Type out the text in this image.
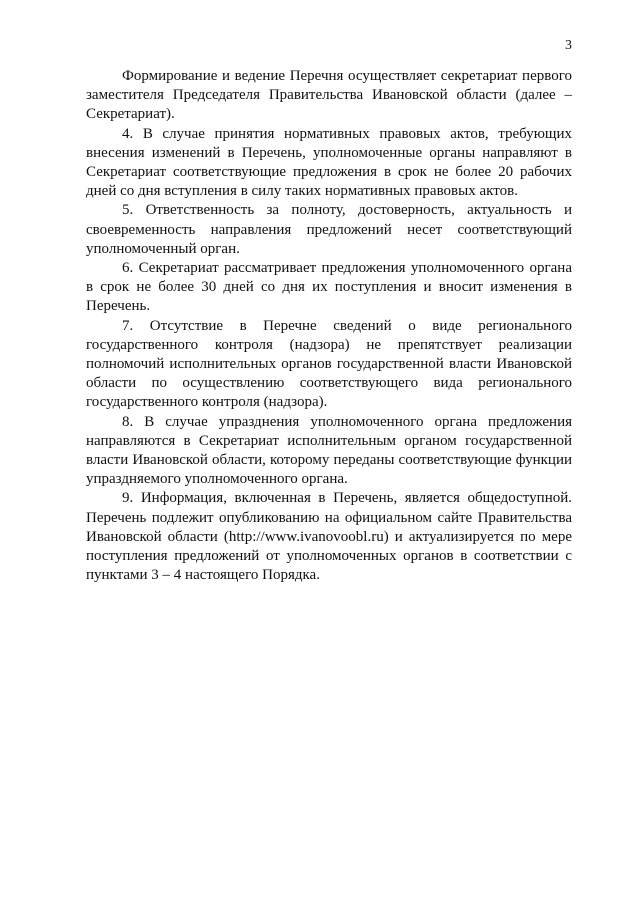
3

Формирование и ведение Перечня осуществляет секретариат первого заместителя Председателя Правительства Ивановской области (далее – Секретариат).

4. В случае принятия нормативных правовых актов, требующих внесения изменений в Перечень, уполномоченные органы направляют в Секретариат соответствующие предложения в срок не более 20 рабочих дней со дня вступления в силу таких нормативных правовых актов.

5. Ответственность за полноту, достоверность, актуальность и своевременность направления предложений несет соответствующий уполномоченный орган.

6. Секретариат рассматривает предложения уполномоченного органа в срок не более 30 дней со дня их поступления и вносит изменения в Перечень.

7. Отсутствие в Перечне сведений о виде регионального государственного контроля (надзора) не препятствует реализации полномочий исполнительных органов государственной власти Ивановской области по осуществлению соответствующего вида регионального государственного контроля (надзора).

8. В случае упразднения уполномоченного органа предложения направляются в Секретариат исполнительным органом государственной власти Ивановской области, которому переданы соответствующие функции упраздняемого уполномоченного органа.

9. Информация, включенная в Перечень, является общедоступной. Перечень подлежит опубликованию на официальном сайте Правительства Ивановской области (http://www.ivanovoobl.ru) и актуализируется по мере поступления предложений от уполномоченных органов в соответствии с пунктами 3 – 4 настоящего Порядка.
